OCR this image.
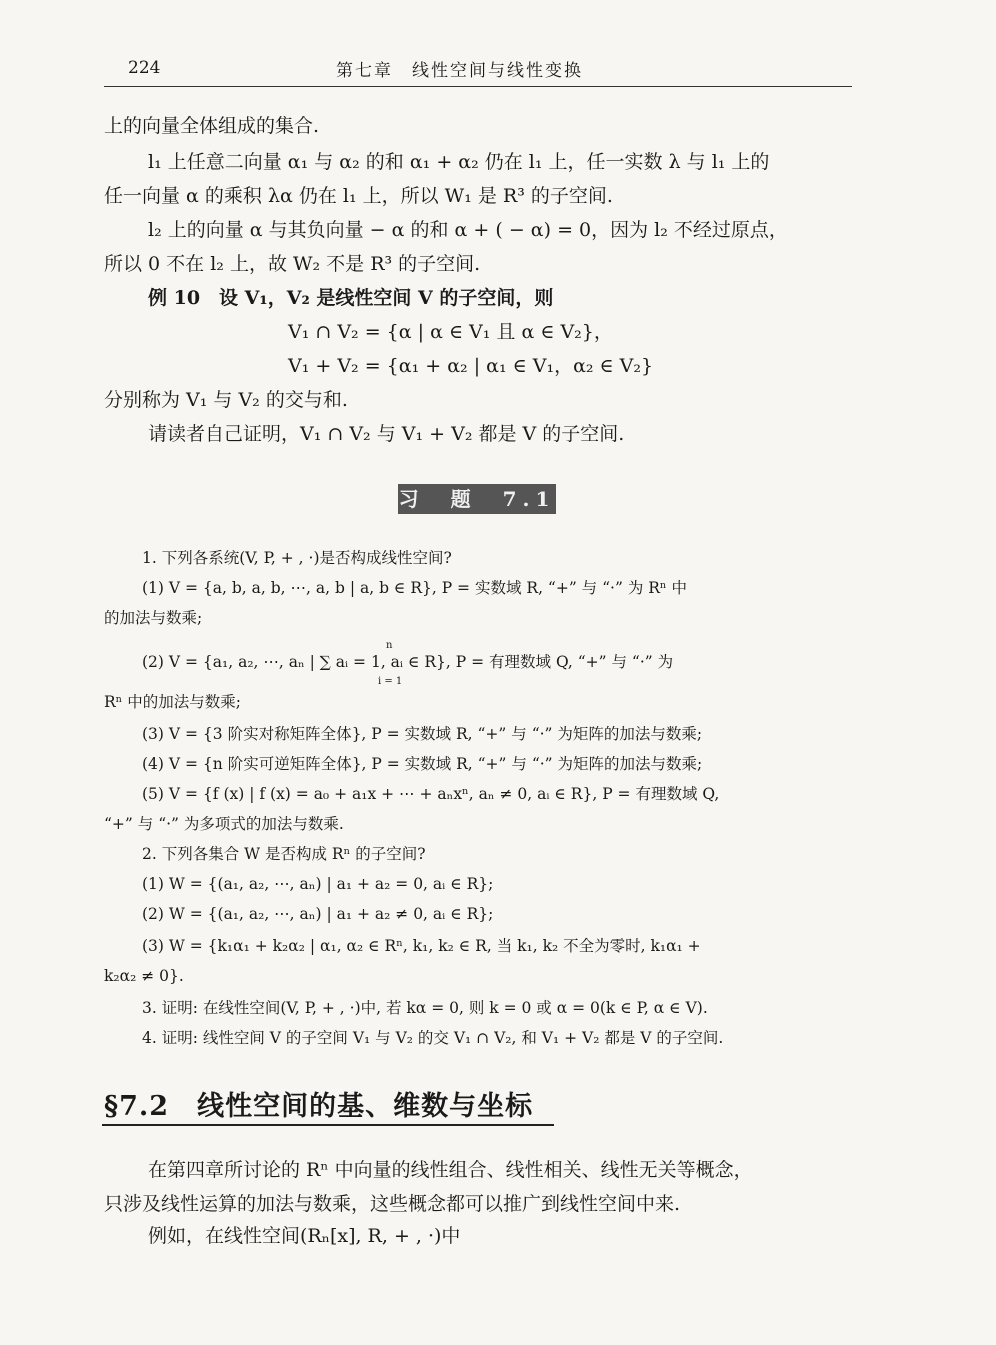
224	第七章　线性空间与线性变换
上的向量全体组成的集合.
l₁ 上任意二向量 α₁ 与 α₂ 的和 α₁ + α₂ 仍在 l₁ 上，任一实数 λ 与 l₁ 上的
任一向量 α 的乘积 λα 仍在 l₁ 上，所以 W₁ 是 R³ 的子空间.
l₂ 上的向量 α 与其负向量 − α 的和 α + ( − α) = 0，因为 l₂ 不经过原点，
所以 0 不在 l₂ 上，故 W₂ 不是 R³ 的子空间.
例 10　设 V₁，V₂ 是线性空间 V 的子空间，则
V₁ ∩ V₂ = {α | α ∈ V₁ 且 α ∈ V₂}，
V₁ + V₂ = {α₁ + α₂ | α₁ ∈ V₁，α₂ ∈ V₂}
分别称为 V₁ 与 V₂ 的交与和.
请读者自己证明，V₁ ∩ V₂ 与 V₁ + V₂ 都是 V 的子空间.
习　题　7.1
1. 下列各系统(V, P, + , ·)是否构成线性空间?
(1) V = {a, b, a, b, ⋯, a, b | a, b ∈ R}, P = 实数域 R, “+” 与 “·” 为 Rⁿ 中
的加法与数乘;
(2) V = {a₁, a₂, ⋯, aₙ | ∑ aᵢ = 1, aᵢ ∈ R}, P = 有理数域 Q, “+” 与 “·” 为
n
i = 1
Rⁿ 中的加法与数乘;
(3) V = {3 阶实对称矩阵全体}, P = 实数域 R, “+” 与 “·” 为矩阵的加法与数乘;
(4) V = {n 阶实可逆矩阵全体}, P = 实数域 R, “+” 与 “·” 为矩阵的加法与数乘;
(5) V = {f (x) | f (x) = a₀ + a₁x + ⋯ + aₙxⁿ, aₙ ≠ 0, aᵢ ∈ R}, P = 有理数域 Q,
“+” 与 “·” 为多项式的加法与数乘.
2. 下列各集合 W 是否构成 Rⁿ 的子空间?
(1) W = {(a₁, a₂, ⋯, aₙ) | a₁ + a₂ = 0, aᵢ ∈ R};
(2) W = {(a₁, a₂, ⋯, aₙ) | a₁ + a₂ ≠ 0, aᵢ ∈ R};
(3) W = {k₁α₁ + k₂α₂ | α₁, α₂ ∈ Rⁿ, k₁, k₂ ∈ R, 当 k₁, k₂ 不全为零时, k₁α₁ +
k₂α₂ ≠ 0}.
3. 证明: 在线性空间(V, P, + , ·)中, 若 kα = 0, 则 k = 0 或 α = 0(k ∈ P, α ∈ V).
4. 证明: 线性空间 V 的子空间 V₁ 与 V₂ 的交 V₁ ∩ V₂, 和 V₁ + V₂ 都是 V 的子空间.
§7.2　线性空间的基、维数与坐标
在第四章所讨论的 Rⁿ 中向量的线性组合、线性相关、线性无关等概念，
只涉及线性运算的加法与数乘，这些概念都可以推广到线性空间中来.
例如，在线性空间(Rₙ[x], R, + , ·)中
